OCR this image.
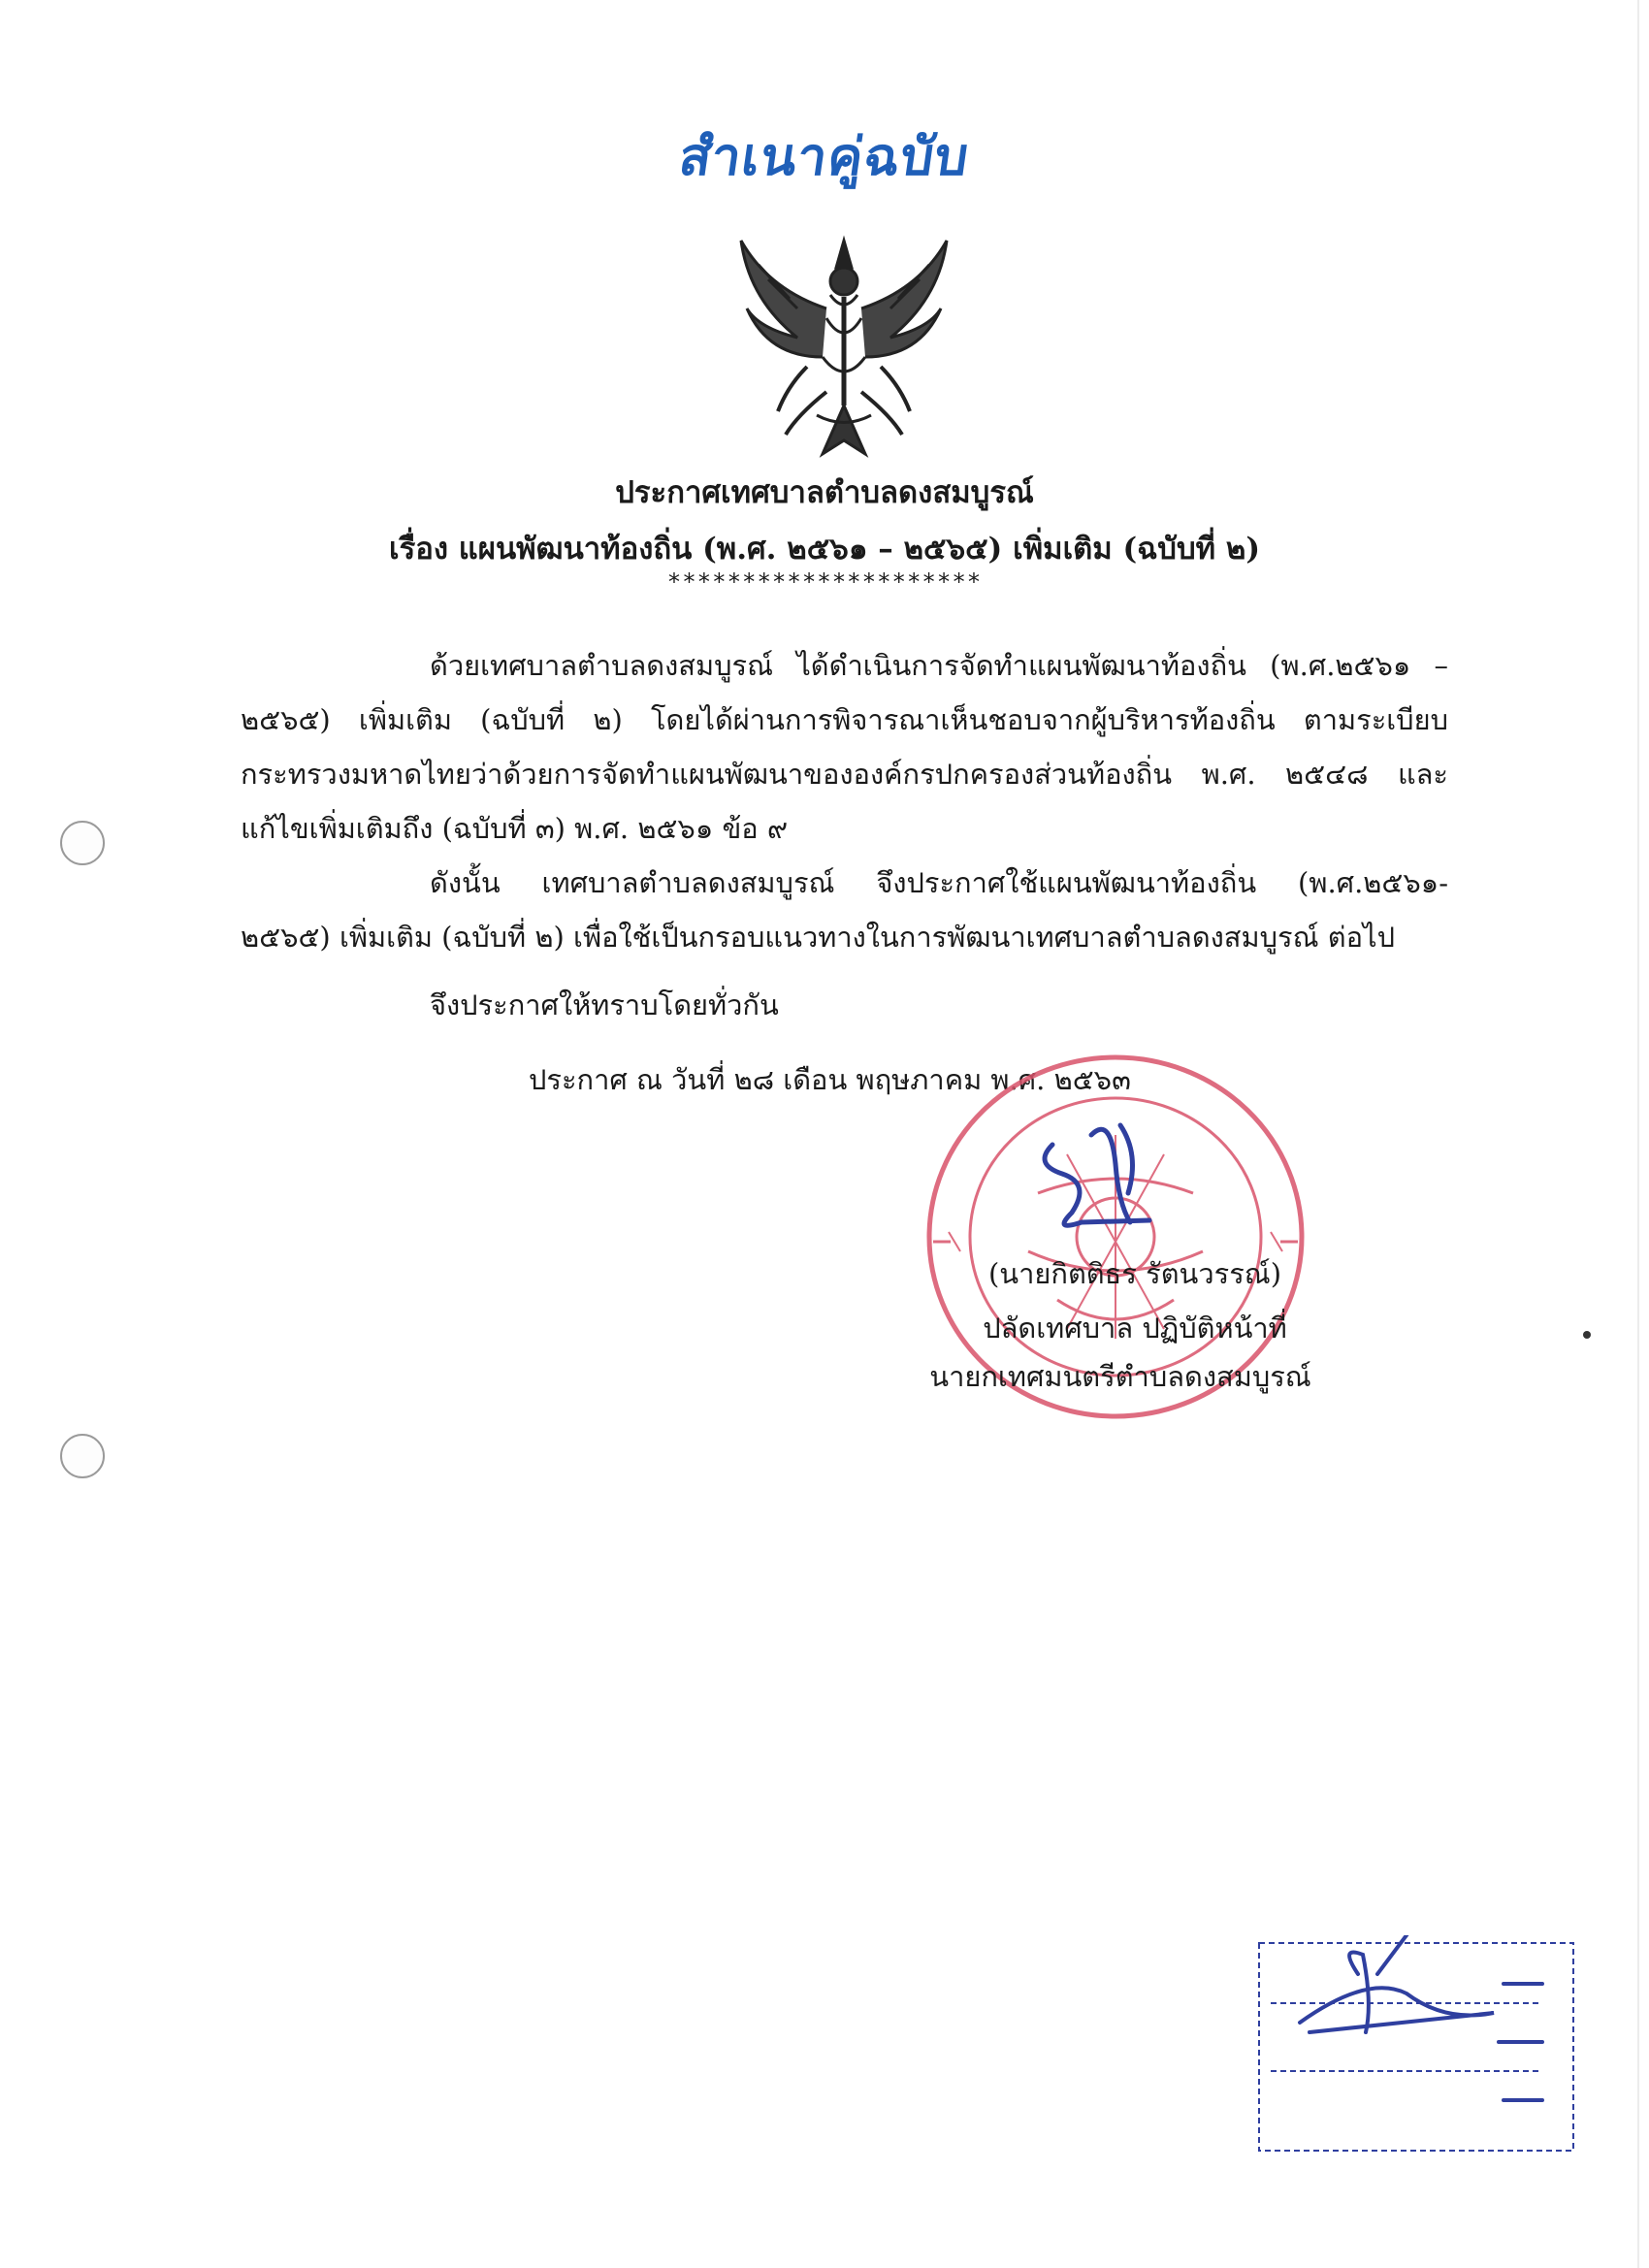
สำเนาคู่ฉบับ
ประกาศเทศบาลตำบลดงสมบูรณ์
เรื่อง แผนพัฒนาท้องถิ่น (พ.ศ. ๒๕๖๑ – ๒๕๖๕) เพิ่มเติม (ฉบับที่ ๒)
*********************
ด้วยเทศบาลตำบลดงสมบูรณ์ ได้ดำเนินการจัดทำแผนพัฒนาท้องถิ่น (พ.ศ.๒๕๖๑ – ๒๕๖๕) เพิ่มเติม (ฉบับที่ ๒) โดยได้ผ่านการพิจารณาเห็นชอบจากผู้บริหารท้องถิ่น ตามระเบียบกระทรวงมหาดไทยว่าด้วยการจัดทำแผนพัฒนาขององค์กรปกครองส่วนท้องถิ่น พ.ศ. ๒๕๔๘ และแก้ไขเพิ่มเติมถึง (ฉบับที่ ๓) พ.ศ. ๒๕๖๑ ข้อ ๙
ดังนั้น เทศบาลตำบลดงสมบูรณ์ จึงประกาศใช้แผนพัฒนาท้องถิ่น (พ.ศ.๒๕๖๑- ๒๕๖๕) เพิ่มเติม (ฉบับที่ ๒) เพื่อใช้เป็นกรอบแนวทางในการพัฒนาเทศบาลตำบลดงสมบูรณ์ ต่อไป
จึงประกาศให้ทราบโดยทั่วกัน
ประกาศ ณ วันที่ ๒๘ เดือน พฤษภาคม พ.ศ. ๒๕๖๓
(นายกิตติธร รัตนวรรณ์)
ปลัดเทศบาล ปฏิบัติหน้าที่
นายกเทศมนตรีตำบลดงสมบูรณ์
